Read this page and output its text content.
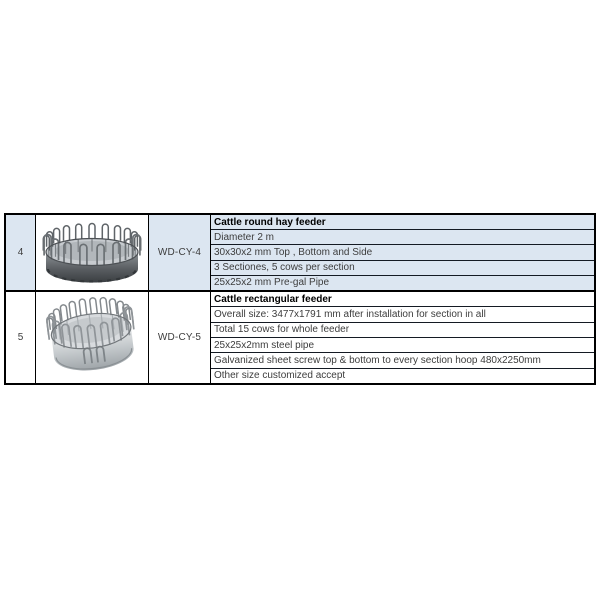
4	WD-CY-4
Cattle round hay feeder
Diameter 2 m
30x30x2 mm Top , Bottom and Side
3 Sectiones, 5 cows per section
25x25x2 mm Pre-gal Pipe
5	WD-CY-5
Cattle rectangular feeder
Overall size: 3477x1791 mm after installation for section in all
Total 15 cows for whole feeder
25x25x2mm steel pipe
Galvanized sheet screw top & bottom to every section hoop 480x2250mm
Other size customized accept
